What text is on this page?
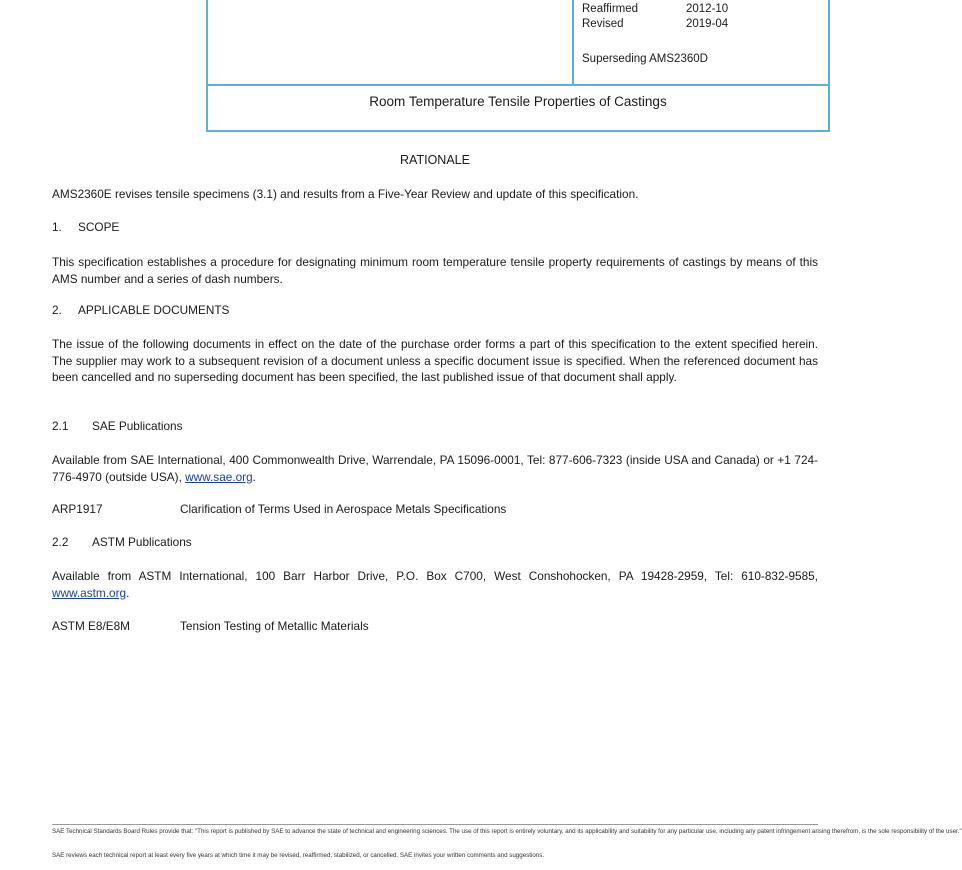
Reaffirmed	2012-10
Revised	2019-04
Superseding AMS2360D
Room Temperature Tensile Properties of Castings
RATIONALE
AMS2360E revises tensile specimens (3.1) and results from a Five-Year Review and update of this specification.
1. SCOPE
This specification establishes a procedure for designating minimum room temperature tensile property requirements of castings by means of this AMS number and a series of dash numbers.
2. APPLICABLE DOCUMENTS
The issue of the following documents in effect on the date of the purchase order forms a part of this specification to the extent specified herein. The supplier may work to a subsequent revision of a document unless a specific document issue is specified. When the referenced document has been cancelled and no superseding document has been specified, the last published issue of that document shall apply.
2.1 SAE Publications
Available from SAE International, 400 Commonwealth Drive, Warrendale, PA 15096-0001, Tel: 877-606-7323 (inside USA and Canada) or +1 724-776-4970 (outside USA), www.sae.org.
ARP1917	Clarification of Terms Used in Aerospace Metals Specifications
2.2 ASTM Publications
Available from ASTM International, 100 Barr Harbor Drive, P.O. Box C700, West Conshohocken, PA 19428-2959, Tel: 610-832-9585, www.astm.org.
ASTM E8/E8M	Tension Testing of Metallic Materials
SAE Technical Standards Board Rules provide that: "This report is published by SAE to advance the state of technical and engineering sciences. The use of this report is entirely voluntary, and its applicability and suitability for any particular use, including any patent infringement arising therefrom, is the sole responsibility of the user."
SAE reviews each technical report at least every five years at which time it may be revised, reaffirmed, stabilized, or cancelled. SAE invites your written comments and suggestions.
